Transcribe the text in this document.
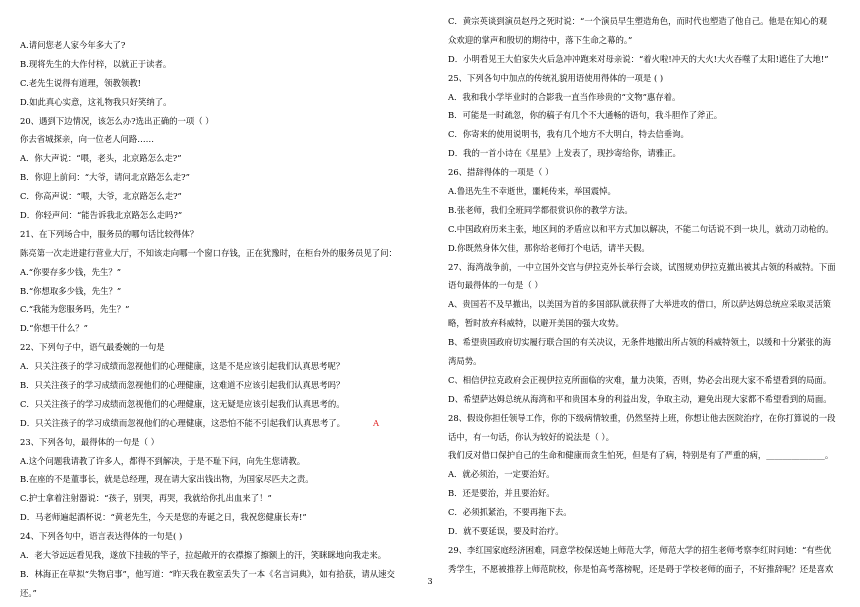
A.请问您老人家今年多大了?
B.现将先生的大作付梓，以就正于读者。
C.老先生说得有道理，领教领教!
D.如此真心实意，这礼物我只好笑纳了。
20、遇到下边情况，该怎么办?选出正确的一项（ ）
你去省城探亲，向一位老人问路……
A．你大声说：“喂，老头，北京路怎么走?”
B．你迎上前问：“大爷，请问北京路怎么走?”
C．你高声说：“喂，大爷，北京路怎么走?”
D．你轻声问：“能告诉我北京路怎么走吗?”
21、在下列场合中，服务员的哪句话比较得体？
陈亮第一次走进建行营业大厅，不知该走向哪一个窗口存钱，正在犹豫时，在柜台外的服务员见了问：
A.“你要存多少钱，先生？”
B.“你想取多少钱，先生？”
C.“我能为您服务吗，先生？”
D.“你想干什么？”
22、下列句子中，语气最委婉的一句是
A．只关注孩子的学习成绩而忽视他们的心理健康，这是不是应该引起我们认真思考呢？
B．只关注孩子的学习成绩而忽视他们的心理健康，这难道不应该引起我们认真思考吗？
C．只关注孩子的学习成绩而忽视他们的心理健康，这无疑是应该引起我们认真思考的。
D．只关注孩子的学习成绩而忽视他们的心理健康，这恐怕不能不引起我们认真思考了。	A
23、下列各句，最得体的一句是（ ）
A.这个问题我请教了许多人，都得不到解决，于是不耻下问，向先生您请教。
B.在座的不是董事长，就是总经理，现在请大家出钱出物，为国家尽匹夫之责。
C.护士拿着注射器说：“孩子，别哭，再哭，我就给你扎出血来了！”
D．马老师遍起酒杯说：“黄老先生，今天是您的寿诞之日，我祝您健康长寿!”
24、下列各句中，语言表达得体的一句是( )
A．老大爷远远看见我，遂放下挂载的竿子，拉起敞开的衣襟擦了擦额上的汗，笑眯眯地向我走来。
B．林海正在草拟“失物启事”，他写道：“昨天我在教室丢失了一本《名言词典》，如有拾获，请从速交
还。”
C．黄宗英谈到演员赵丹之死时说：“一个演员早生塑造角色，而时代也塑造了他自己。他是在知心的观
众欢迎的掌声和殷切的期待中，落下生命之幕的。”
D．小明看见王大伯家失火后急冲冲跑来对母亲说：“着火啦!冲天的大火!大火吞噬了太阳!遮住了大地!”
25、下列各句中加点的传统礼貌用语使用得体的一项是 ( )
A．我和我小学毕业时的合影我一直当作珍贵的“文物”惠存着。
B．可能是一时疏忽，你的稿子有几个不大通畅的语句，我斗胆作了斧正。
C．你寄来的使用说明书，我有几个地方不大明白，特去信垂询。
D．我的一首小诗在《星星》上发表了，现抄寄给你，请雅正。
26、措辞得体的一项是（ ）
A.鲁迅先生不幸逝世，噩耗传来，举国震悼。
B.张老师，我们全班同学都很赏识你的教学方法。
C.中国政府历来主张，地区间的矛盾应以和平方式加以解决，不能二句话说不到一块儿，就动刀动枪的。
D.你既然身体欠佳，那你给老师打个电话，请半天假。
27、海湾战争前，一中立国外交官与伊拉克外长举行会谈，试图规劝伊拉克撤出被其占领的科威特。下面
语句最得体的一句是（ ）
A、贵国若不及早撤出，以美国为首的多国部队就获得了大举进攻的借口，所以萨达姆总统应采取灵活策
略，暂时放弃科威特，以避开美国的强大攻势。
B、希望贵国政府切实履行联合国的有关决议，无条件地撤出所占领的科威特领土，以缓和十分紧张的海
湾局势。
C、相信伊拉克政府会正视伊拉克所面临的灾难，量力决策，否则，势必会出现大家不希望看到的局面。
D、希望萨达姆总统从海湾和平和贵国本身的利益出发，争取主动，避免出现大家都不希望看到的局面。
28、假设你担任领导工作，你的下级病情较重，仍然坚持上班，你想让他去医院治疗，在你打算说的一段
话中，有一句话，你认为较好的说法是（ ）。
我们反对借口保护自己的生命和健康而贪生怕死，但是有了病，特别是有了严重的病，______________。
A．就必须治，一定要治好。
B．还是要治，并且要治好。
C．必须抓紧治，不要再拖下去。
D．就不要延误，要及时治疗。
29、李红国家庭经济困难，同意学校保送她上师范大学，师范大学的招生老师考察李红时问她：“有些优
秀学生，不愿被推荐上师范院校，你是怕高考落榜呢，还是碍于学校老师的面子，不好推辞呢？还是喜欢
3
